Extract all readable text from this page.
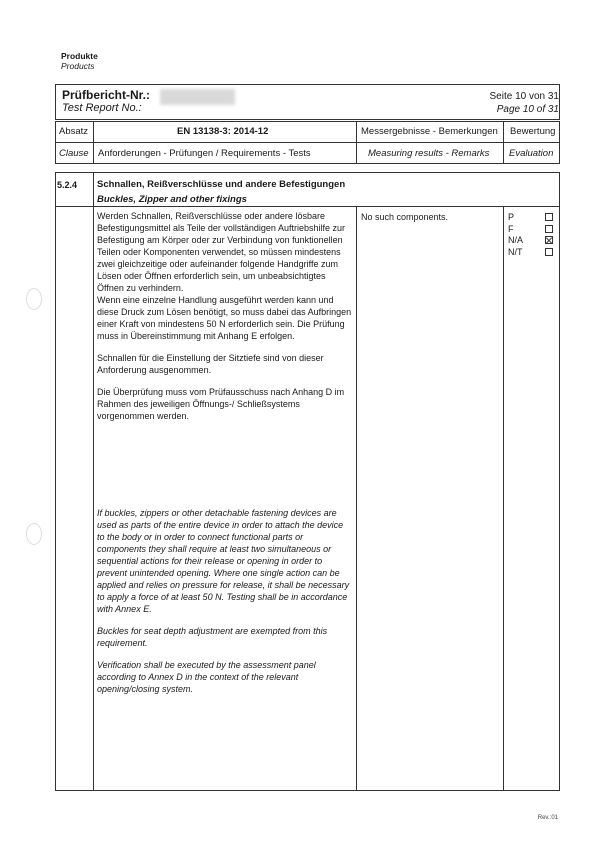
Produkte
Products
Prüfbericht-Nr.:
Test Report No.:
Seite 10 von 31
Page 10 of 31
Absatz
Clause
EN 13138-3: 2014-12
Anforderungen - Prüfungen / Requirements - Tests
Messergebnisse - Bemerkungen
Measuring results - Remarks
Bewertung
Evaluation
5.2.4 Schnallen, Reißverschlüsse und andere Befestigungen
Buckles, Zipper and other fixings

Werden Schnallen, Reißverschlüsse oder andere lösbare Befestigungsmittel als Teile der vollständigen Auftriebshilfe zur Befestigung am Körper oder zur Verbindung von funktionellen Teilen oder Komponenten verwendet, so müssen mindestens zwei gleichzeitige oder aufeinander folgende Handgriffe zum Lösen oder Öffnen erforderlich sein, um unbeabsichtigtes Öffnen zu verhindern.

Wenn eine einzelne Handlung ausgeführt werden kann und diese Druck zum Lösen benötigt, so muss dabei das Aufbringen einer Kraft von mindestens 50 N erforderlich sein. Die Prüfung muss in Übereinstimmung mit Anhang E erfolgen.

Schnallen für die Einstellung der Sitztiefe sind von dieser Anforderung ausgenommen.

Die Überprüfung muss vom Prüfausschuss nach Anhang D im Rahmen des jeweiligen Öffnungs-/ Schließsystems vorgenommen werden.

If buckles, zippers or other detachable fastening devices are used as parts of the entire device in order to attach the device to the body or in order to connect functional parts or components they shall require at least two simultaneous or sequential actions for their release or opening in order to prevent unintended opening. Where one single action can be applied and relies on pressure for release, it shall be necessary to apply a force of at least 50 N. Testing shall be in accordance with Annex E.

Buckles for seat depth adjustment are exempted from this requirement.

Verification shall be executed by the assessment panel according to Annex D in the context of the relevant opening/closing system.

No such components.	P
F
N/A
N/T
Rev.:01
